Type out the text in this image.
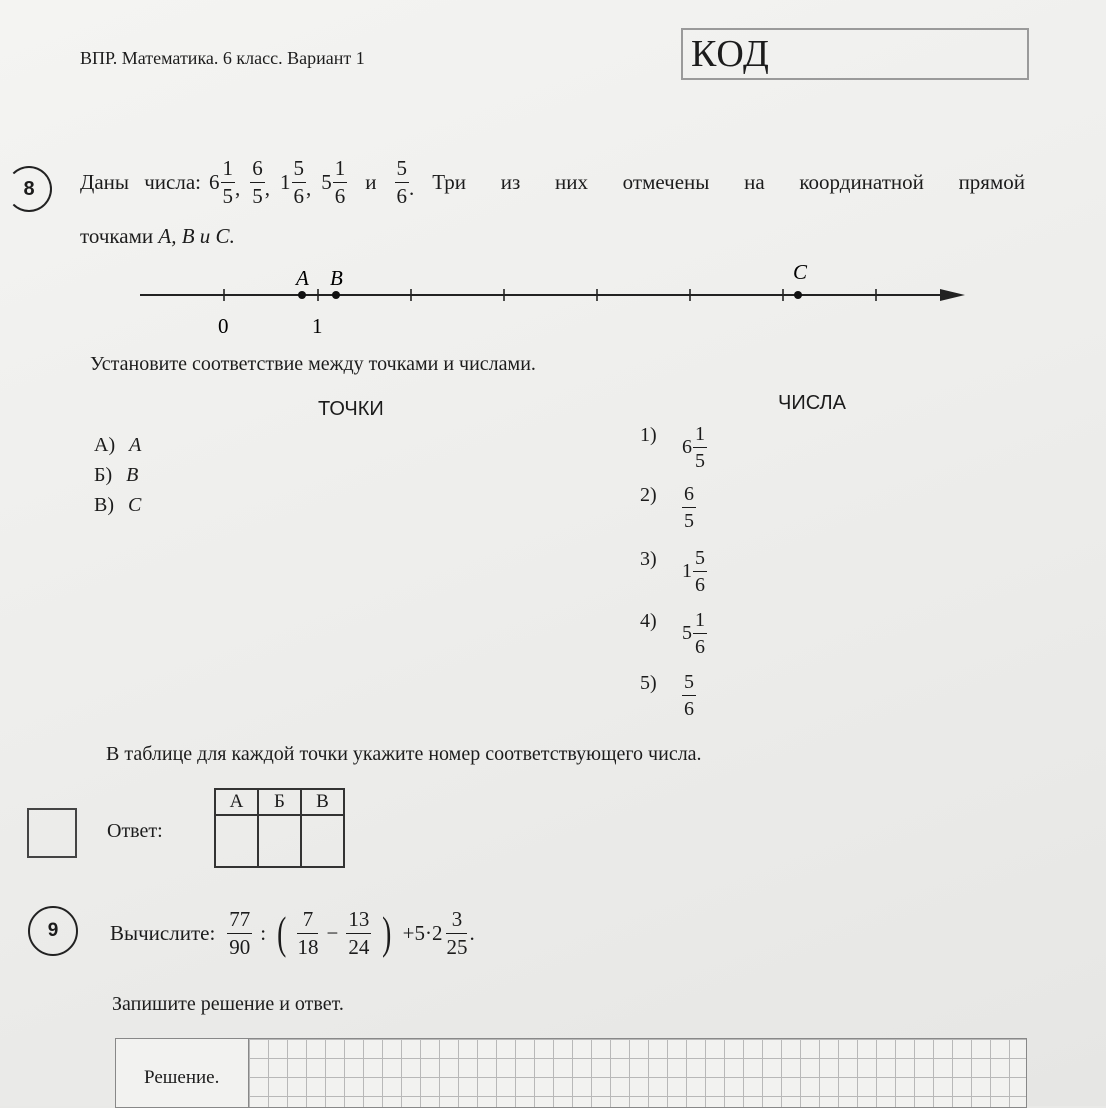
ВПР. Математика. 6 класс. Вариант 1	КОД
8 Даны числа: $6 \frac{1}{5}$ , $\frac{6}{5}$ , $1 \frac{5}{6}$ , $5 \frac{1}{6}$ и $\frac{5}{6}$ . Три из них отмечены на координатной прямой
точками A, B и C.
A B	C
0	1
Установите соответствие между точками и числами.
ТОЧКИ	ЧИСЛА
А) A
Б) B
В) C
1)
$6 \frac{1}{5}$
2)	$\frac{6}{5}$
3)
$1 \frac{5}{6}$
4)
$5 \frac{1}{6}$
5)	$\frac{5}{6}$
В таблице для каждой точки укажите номер соответствующего числа.
Ответ:
А	Б	В

9 Вычислите: $\frac{77}{90}$ : ( $\frac{7}{18} - \frac{13}{24}$ ) $+5\cdot 2 \frac{3}{25}$ .
Запишите решение и ответ.
Решение.
